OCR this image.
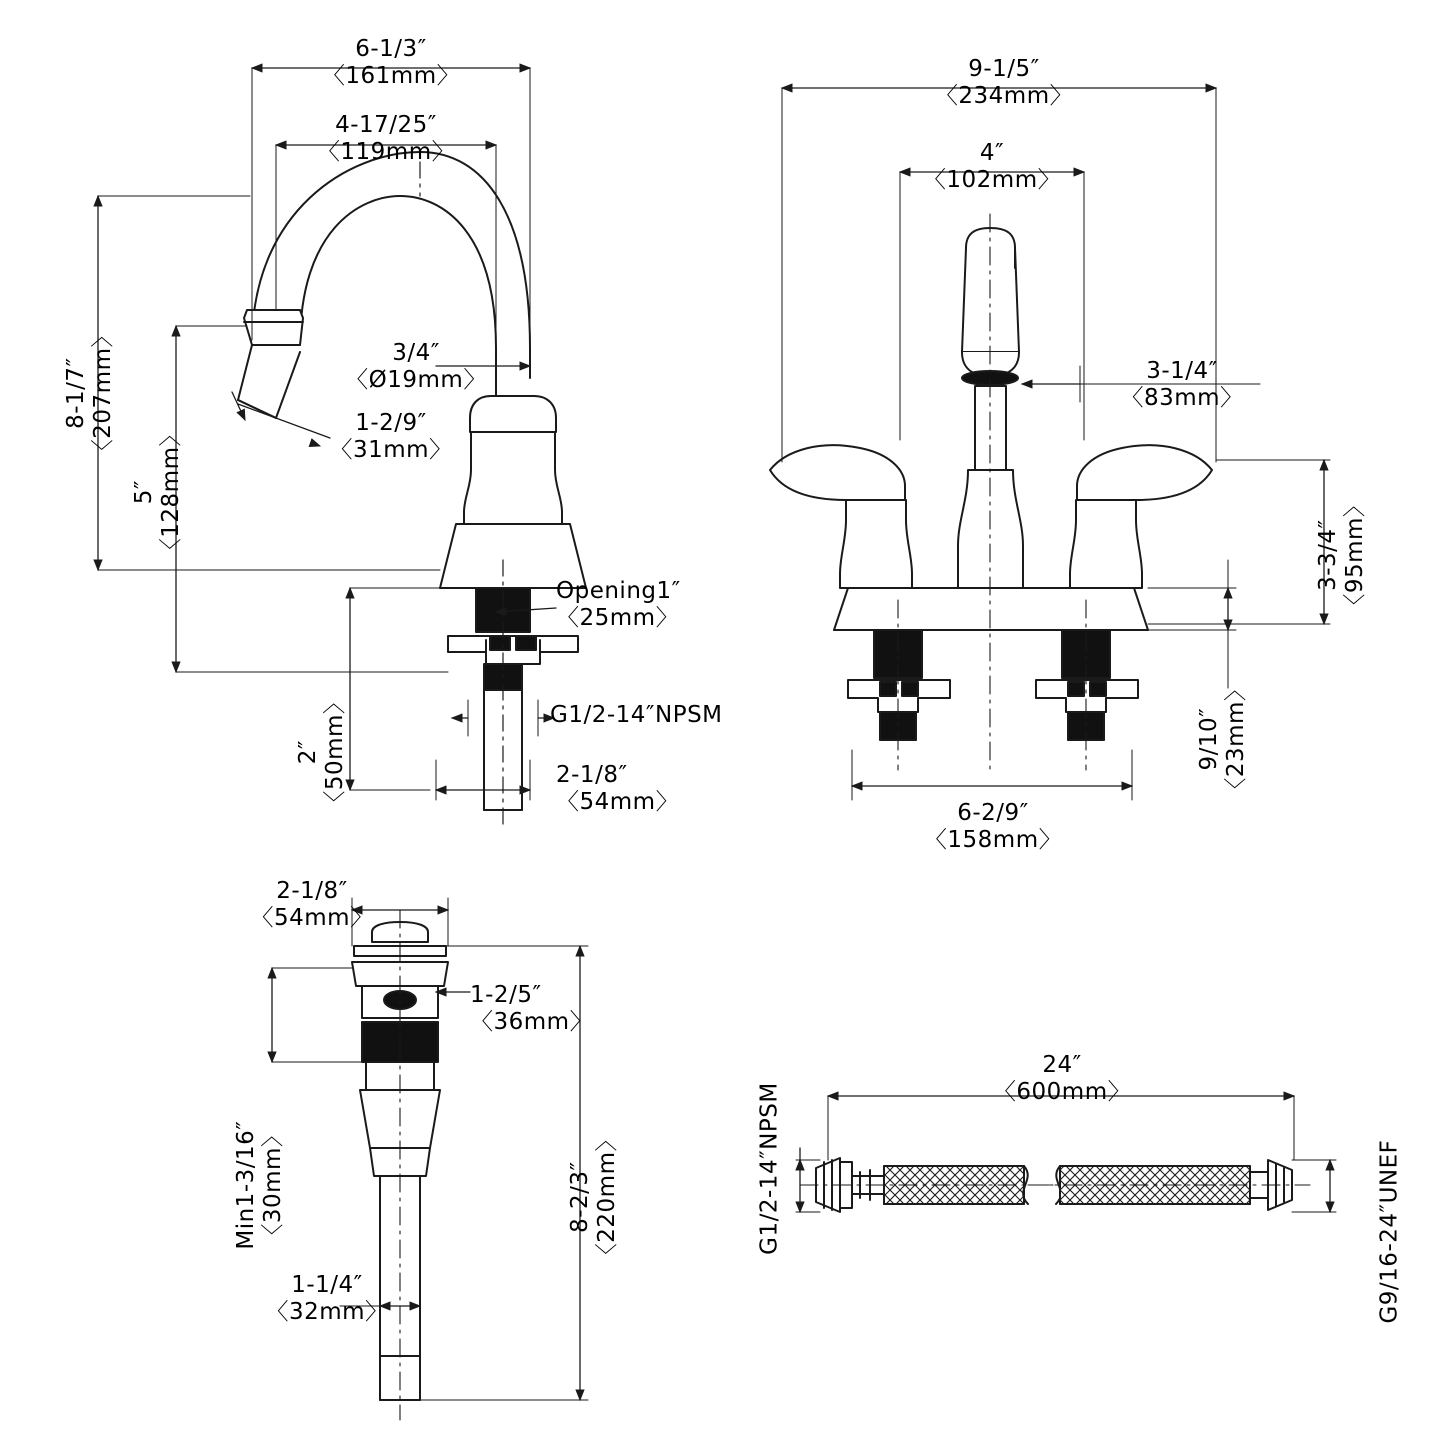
6-1/3″
〈161mm〉
4-17/25″
〈119mm〉
8-1/7″
〈207mm〉
5″
〈128mm〉
3/4″
〈Ø19mm〉
1-2/9″
〈31mm〉
Opening1″
〈25mm〉
G1/2-14″NPSM
2″
〈50mm〉	2-1/8″
〈54mm〉
9-1/5″
〈234mm〉
4″
〈102mm〉
3-1/4″
〈83mm〉
3-3/4″
〈95mm〉
9/10″
〈23mm〉
6-2/9″
〈158mm〉
2-1/8″
〈54mm〉
1-2/5″
〈36mm〉
8-2/3″
〈220mm〉
Min1-3/16″
〈30mm〉
1-1/4″
〈32mm〉
24″
〈600mm〉
G1/2-14″NPSM	G9/16-24″UNEF
